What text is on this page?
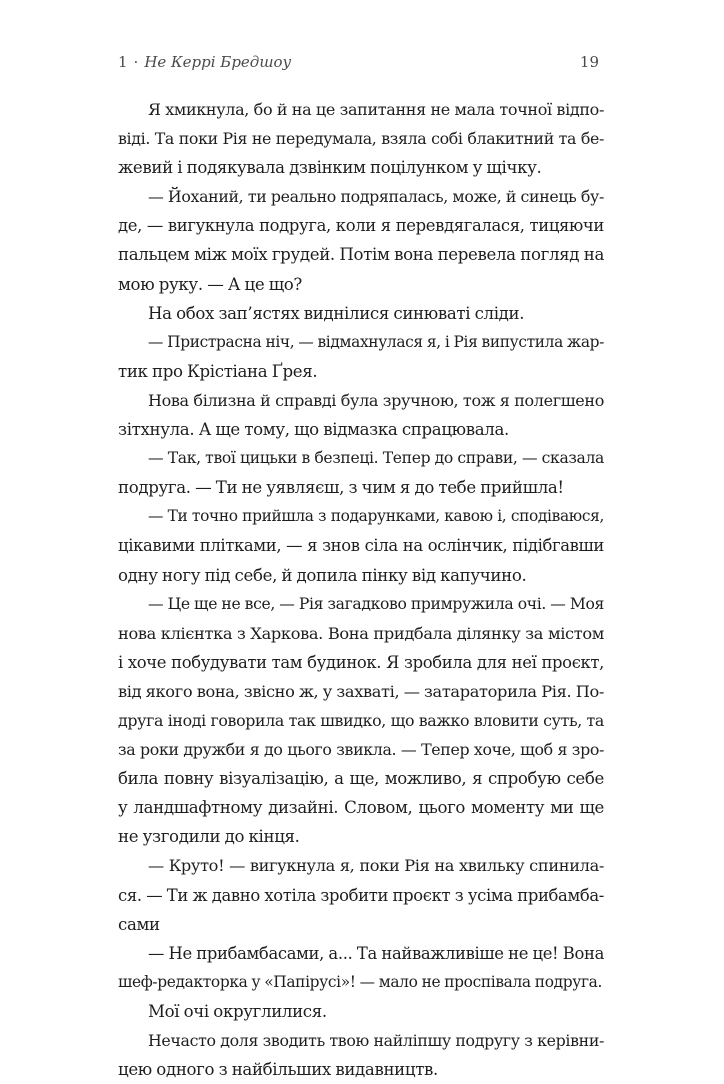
1 · Не Керрі Бредшоу	19
Я хмикнула, бо й на це запитання не мала точної відпо-
віді. Та поки Рія не передумала, взяла собі блакитний та бе-
жевий і подякувала дзвінким поцілунком у щічку.
— Йоханий, ти реально подряпалась, може, й синець бу-
де, — вигукнула подруга, коли я перевдягалася, тицяючи
пальцем між моїх грудей. Потім вона перевела погляд на
мою руку. — А це що?
На обох зап’ястях виднілися синюваті сліди.
— Пристрасна ніч, — відмахнулася я, і Рія випустила жар-
тик про Крістіана Ґрея.
Нова білизна й справді була зручною, тож я полегшено
зітхнула. А ще тому, що відмазка спрацювала.
— Так, твої цицьки в безпеці. Тепер до справи, — сказала
подруга. — Ти не уявляєш, з чим я до тебе прийшла!
— Ти точно прийшла з подарунками, кавою і, сподіваюся,
цікавими плітками, — я знов сіла на ослінчик, підібгавши
одну ногу під себе, й допила пінку від капучино.
— Це ще не все, — Рія загадково примружила очі. — Моя
нова клієнтка з Харкова. Вона придбала ділянку за містом
і хоче побудувати там будинок. Я зробила для неї проєкт,
від якого вона, звісно ж, у захваті, — затараторила Рія. По-
друга іноді говорила так швидко, що важко вловити суть, та
за роки дружби я до цього звикла. — Тепер хоче, щоб я зро-
била повну візуалізацію, а ще, можливо, я спробую себе
у ландшафтному дизайні. Словом, цього моменту ми ще
не узгодили до кінця.
— Круто! — вигукнула я, поки Рія на хвильку спинила-
ся. — Ти ж давно хотіла зробити проєкт з усіма прибамба-
сами
— Не прибамбасами, а... Та найважливіше не це! Вона
шеф-редакторка у «Папірусі»! — мало не проспівала подруга.
Мої очі округлилися.
Нечасто доля зводить твою найліпшу подругу з керівни-
цею одного з найбільших видавництв.
